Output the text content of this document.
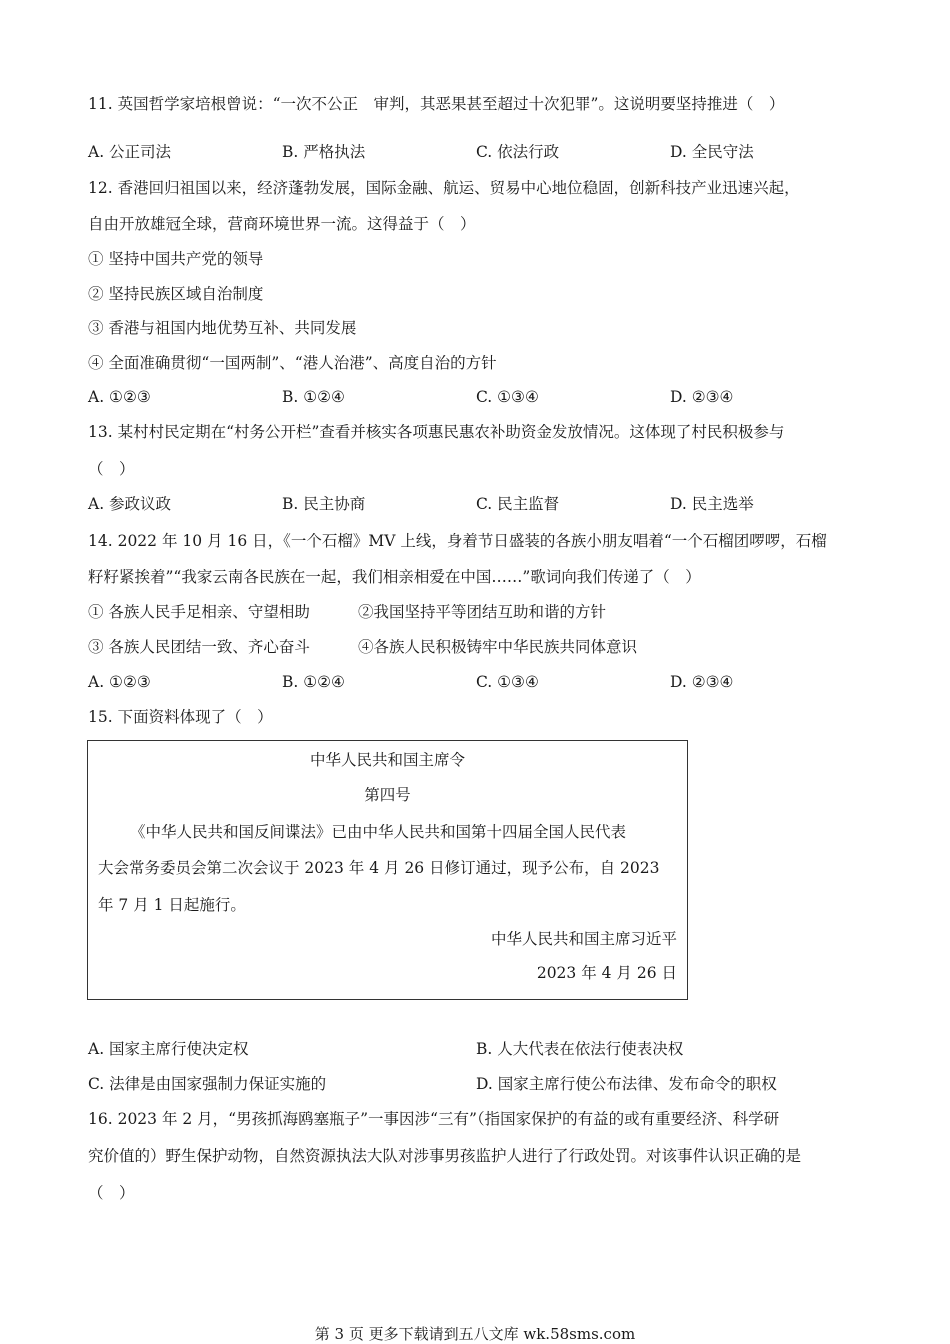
11. 英国哲学家培根曾说：“一次不公正　审判，其恶果甚至超过十次犯罪”。这说明要坚持推进（　）
A. 公正司法	B. 严格执法	C. 依法行政	D. 全民守法
12. 香港回归祖国以来，经济蓬勃发展，国际金融、航运、贸易中心地位稳固，创新科技产业迅速兴起，
自由开放雄冠全球，营商环境世界一流。这得益于（　）
① 坚持中国共产党的领导
② 坚持民族区域自治制度
③ 香港与祖国内地优势互补、共同发展
④ 全面准确贯彻“一国两制”、“港人治港”、高度自治的方针
A. ①②③	B. ①②④	C. ①③④	D. ②③④
13. 某村村民定期在“村务公开栏”查看并核实各项惠民惠农补助资金发放情况。这体现了村民积极参与
（　）
A. 参政议政	B. 民主协商	C. 民主监督	D. 民主选举
14. 2022 年 10 月 16 日，《一个石榴》MV 上线，身着节日盛装的各族小朋友唱着“一个石榴团啰啰，石榴
籽籽紧挨着”“我家云南各民族在一起，我们相亲相爱在中国……”歌词向我们传递了（　）
① 各族人民手足相亲、守望相助	②我国坚持平等团结互助和谐的方针
③ 各族人民团结一致、齐心奋斗	④各族人民积极铸牢中华民族共同体意识
A. ①②③	B. ①②④	C. ①③④	D. ②③④
15. 下面资料体现了（　）
中华人民共和国主席令
第四号
《中华人民共和国反间谍法》已由中华人民共和国第十四届全国人民代表
大会常务委员会第二次会议于 2023 年 4 月 26 日修订通过，现予公布，自 2023
年 7 月 1 日起施行。
中华人民共和国主席习近平
2023 年 4 月 26 日
A. 国家主席行使决定权	B. 人大代表在依法行使表决权
C. 法律是由国家强制力保证实施的	D. 国家主席行使公布法律、发布命令的职权
16. 2023 年 2 月，“男孩抓海鸥塞瓶子”一事因涉“三有”（指国家保护的有益的或有重要经济、科学研
究价值的）野生保护动物，自然资源执法大队对涉事男孩监护人进行了行政处罚。对该事件认识正确的是
（　）
第 3 页 更多下载请到五八文库 wk.58sms.com
